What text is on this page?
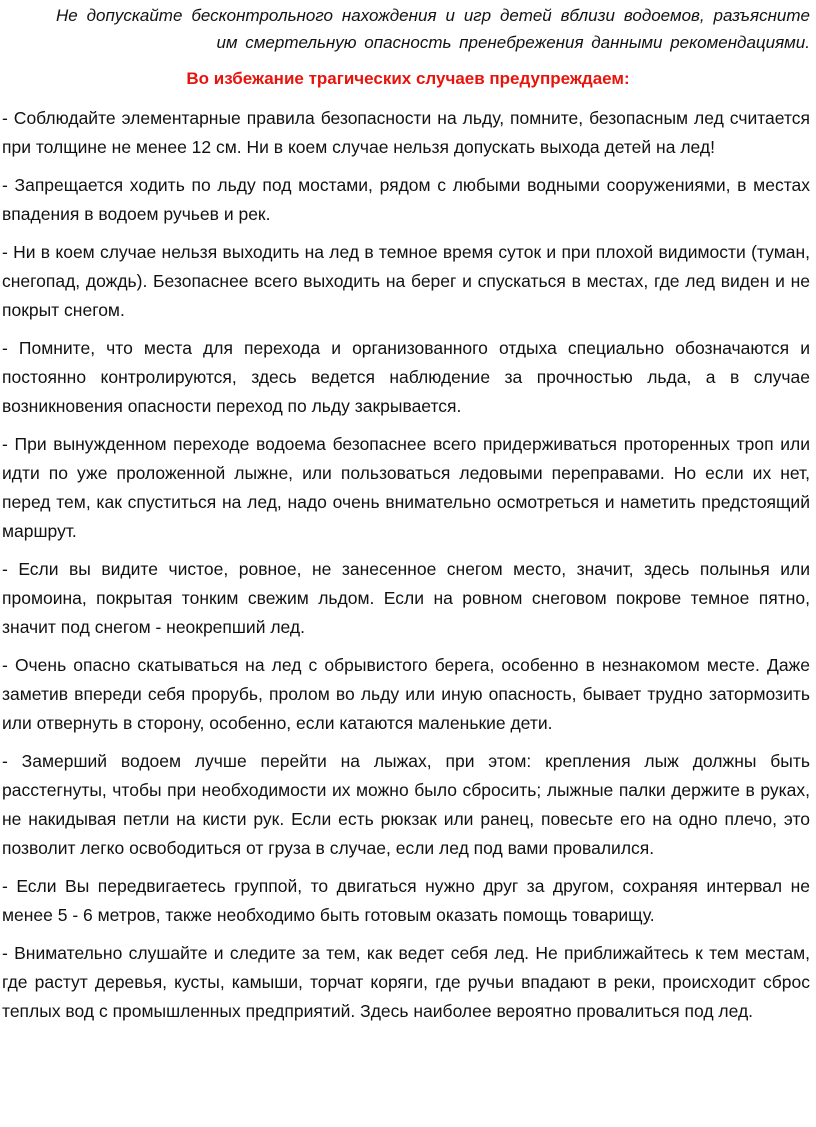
Не допускайте бесконтрольного нахождения и игр детей вблизи водоемов, разъясните им смертельную опасность пренебрежения данными рекомендациями.

Во избежание трагических случаев предупреждаем:

- Соблюдайте элементарные правила безопасности на льду, помните, безопасным лед считается при толщине не менее 12 см. Ни в коем случае нельзя допускать выхода детей на лед!

- Запрещается ходить по льду под мостами, рядом с любыми водными сооружениями, в местах впадения в водоем ручьев и рек.

- Ни в коем случае нельзя выходить на лед в темное время суток и при плохой видимости (туман, снегопад, дождь). Безопаснее всего выходить на берег и спускаться в местах, где лед виден и не покрыт снегом.

- Помните, что места для перехода и организованного отдыха специально обозначаются и постоянно контролируются, здесь ведется наблюдение за прочностью льда, а в случае возникновения опасности переход по льду закрывается.

- При вынужденном переходе водоема безопаснее всего придерживаться проторенных троп или идти по уже проложенной лыжне, или пользоваться ледовыми переправами. Но если их нет, перед тем, как спуститься на лед, надо очень внимательно осмотреться и наметить предстоящий маршрут.

- Если вы видите чистое, ровное, не занесенное снегом место, значит, здесь полынья или промоина, покрытая тонким свежим льдом. Если на ровном снеговом покрове темное пятно, значит под снегом - неокрепший лед.

- Очень опасно скатываться на лед с обрывистого берега, особенно в незнакомом месте. Даже заметив впереди себя прорубь, пролом во льду или иную опасность, бывает трудно затормозить или отвернуть в сторону, особенно, если катаются маленькие дети.

- Замерший водоем лучше перейти на лыжах, при этом: крепления лыж должны быть расстегнуты, чтобы при необходимости их можно было сбросить; лыжные палки держите в руках, не накидывая петли на кисти рук. Если есть рюкзак или ранец, повесьте его на одно плечо, это позволит легко освободиться от груза в случае, если лед под вами провалился.

- Если Вы передвигаетесь группой, то двигаться нужно друг за другом, сохраняя интервал не менее 5 - 6 метров, также необходимо быть готовым оказать помощь товарищу.

- Внимательно слушайте и следите за тем, как ведет себя лед. Не приближайтесь к тем местам, где растут деревья, кусты, камыши, торчат коряги, где ручьи впадают в реки, происходит сброс теплых вод с промышленных предприятий. Здесь наиболее вероятно провалиться под лед.
